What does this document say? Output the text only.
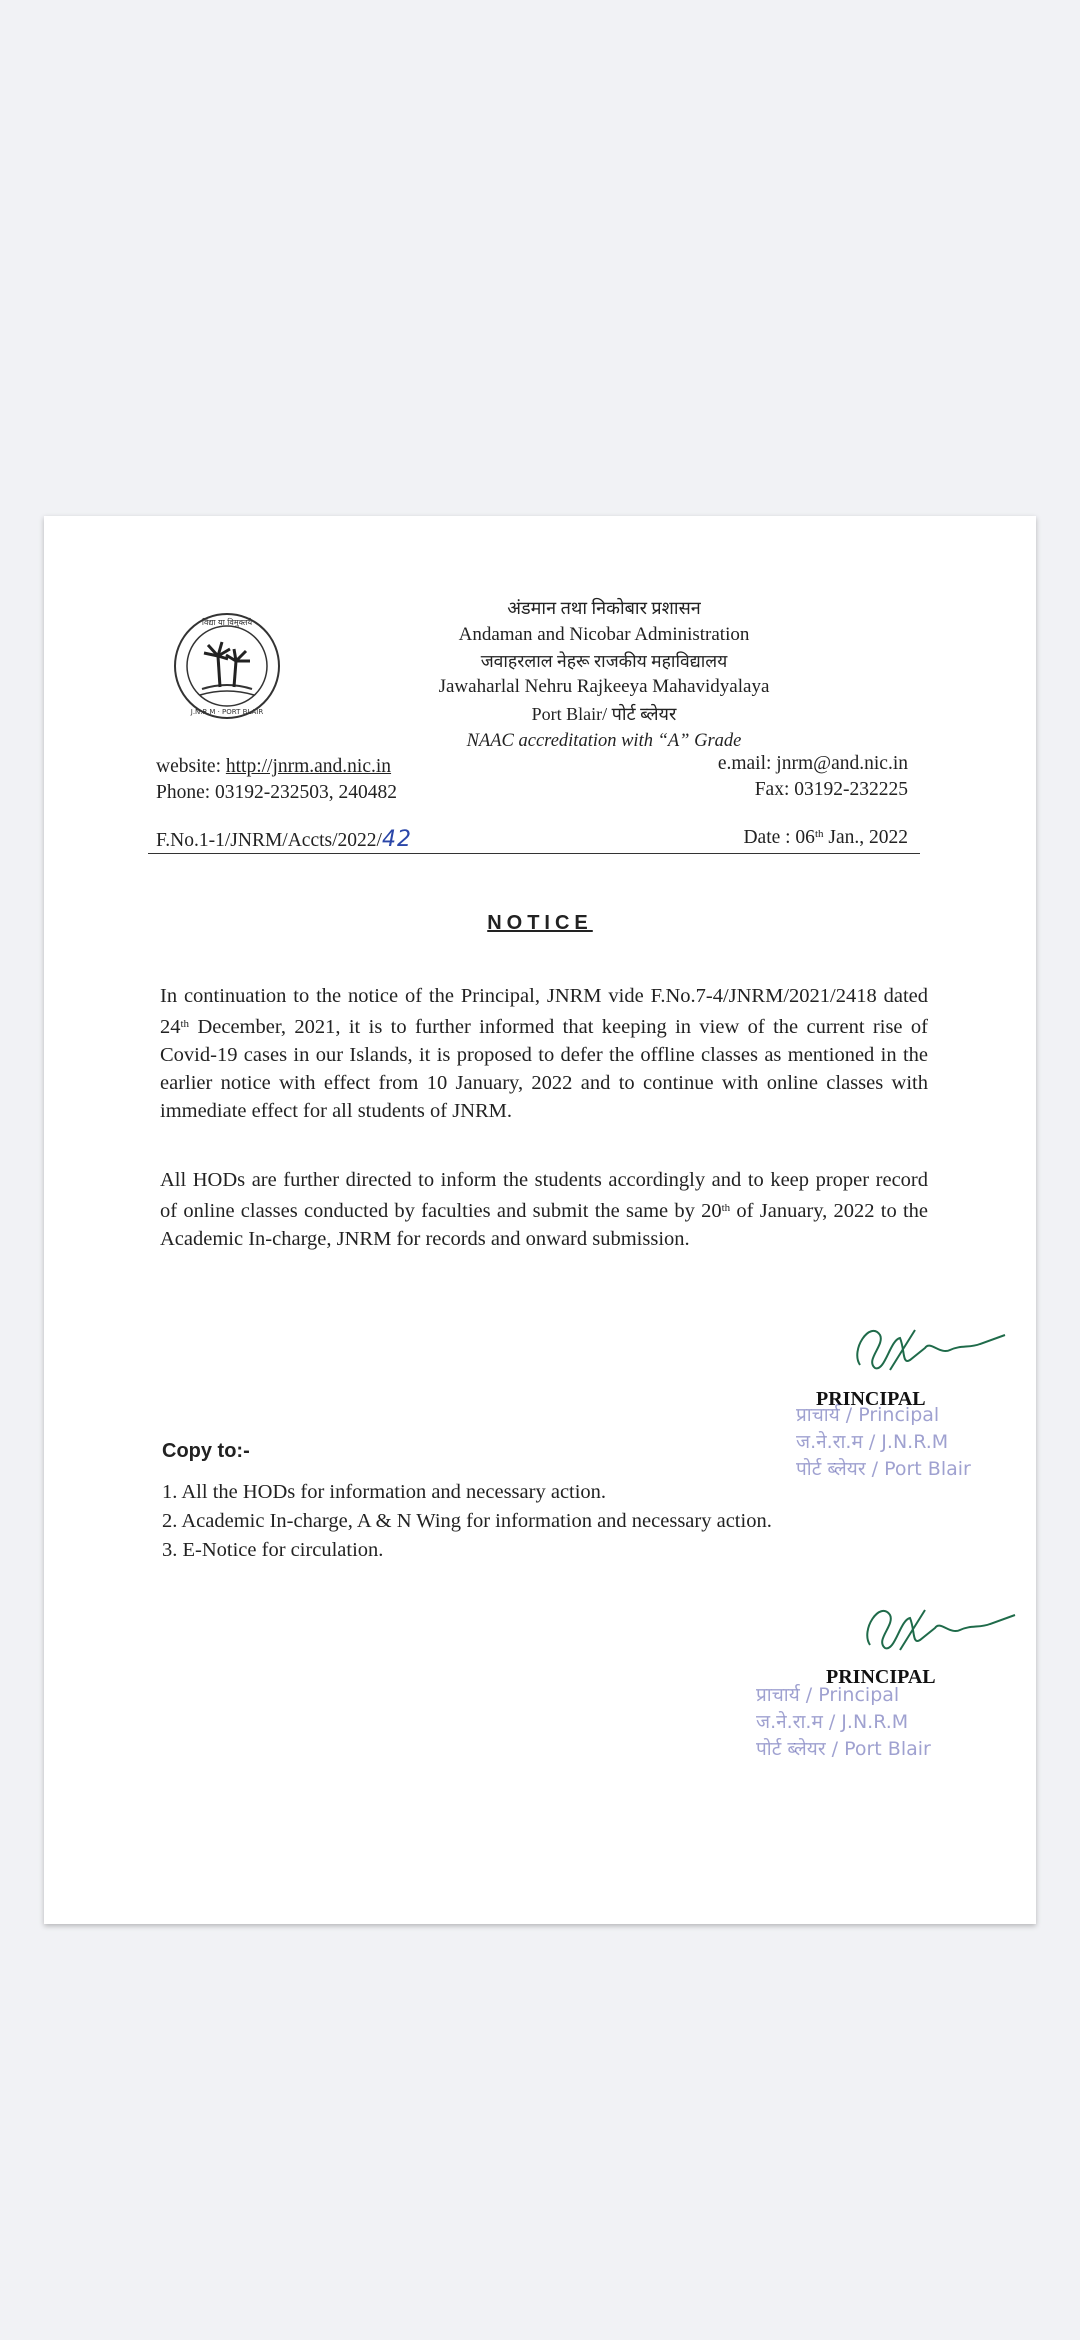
विद्या या विमुक्तये
J.N.R.M · PORT BLAIR
अंडमान तथा निकोबार प्रशासन
Andaman and Nicobar Administration
जवाहरलाल नेहरू राजकीय महाविद्यालय
Jawaharlal Nehru Rajkeeya Mahavidyalaya
Port Blair/ पोर्ट ब्लेयर
NAAC accreditation with “A” Grade
website: http://jnrm.and.nic.in
Phone: 03192-232503, 240482
e.mail: jnrm@and.nic.in
Fax: 03192-232225
F.No.1-1/JNRM/Accts/2022/42	Date : 06th Jan., 2022
NOTICE
In continuation to the notice of the Principal, JNRM vide F.No.7-4/JNRM/2021/2418 dated 24th December, 2021, it is to further informed that keeping in view of the current rise of Covid-19 cases in our Islands, it is proposed to defer the offline classes as mentioned in the earlier notice with effect from 10 January, 2022 and to continue with online classes with immediate effect for all students of JNRM.
All HODs are further directed to inform the students accordingly and to keep proper record of online classes conducted by faculties and submit the same by 20th of January, 2022 to the Academic In-charge, JNRM for records and onward submission.
PRINCIPAL
प्राचार्य / Principal
ज.ने.रा.म / J.N.R.M
पोर्ट ब्लेयर / Port Blair
Copy to:-
1. All the HODs for information and necessary action.
2. Academic In-charge, A & N Wing for information and necessary action.
3. E-Notice for circulation.
PRINCIPAL
प्राचार्य / Principal
ज.ने.रा.म / J.N.R.M
पोर्ट ब्लेयर / Port Blair
